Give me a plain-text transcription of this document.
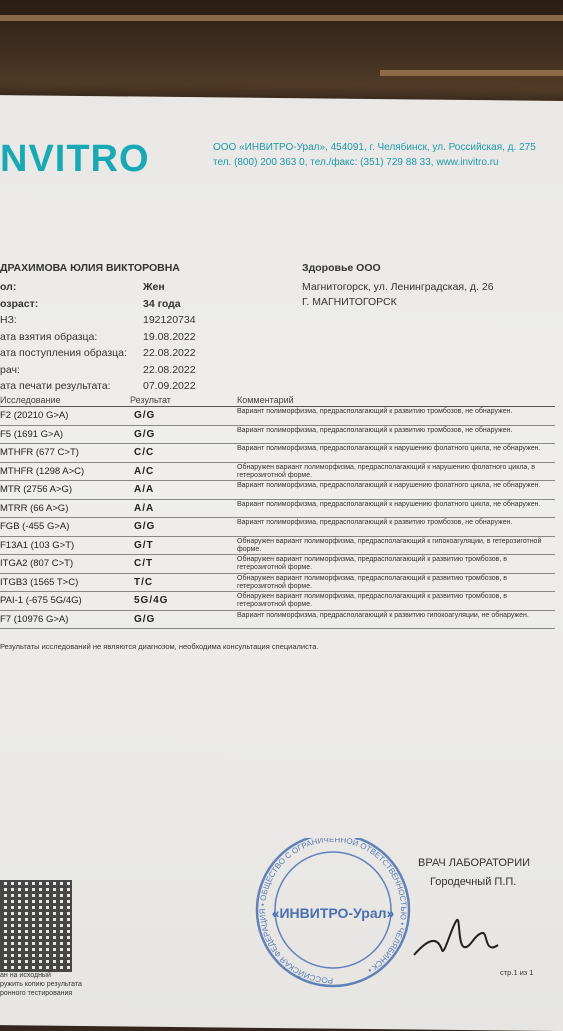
NVITRO	ООО «ИНВИТРО-Урал», 454091, г. Челябинск, ул. Российская, д. 275
тел. (800) 200 363 0, тел./факс: (351) 729 88 33, www.invitro.ru
ДРАХИМОВА ЮЛИЯ ВИКТОРОВНА
ол:	Жен
озраст:	34 года
НЗ:	192120734
ата взятия образца:	19.08.2022
ата поступления образца: 22.08.2022
рач:	22.08.2022
ата печати результата:	07.09.2022
Здоровье ООО
Магнитогорск, ул. Ленинградская, д. 26
Г. МАГНИТОГОРСК
Исследование	Результат	Комментарий
F2 (20210 G>A)	G/G	Вариант полиморфизма, предрасполагающий к развитию тромбозов, не обнаружен.
F5 (1691 G>A)	G/G	Вариант полиморфизма, предрасполагающий к развитию тромбозов, не обнаружен.
MTHFR (677 C>T)	C/C	Вариант полиморфизма, предрасполагающий к нарушению фолатного цикла, не обнаружен.
MTHFR (1298 A>C)	A/C	Обнаружен вариант полиморфизма, предрасполагающий к нарушению фолатного цикла, в гетерозиготной форме.
MTR (2756 A>G)	A/A	Вариант полиморфизма, предрасполагающий к нарушению фолатного цикла, не обнаружен.
MTRR (66 A>G)	A/A	Вариант полиморфизма, предрасполагающий к нарушению фолатного цикла, не обнаружен.
FGB (-455 G>A)	G/G	Вариант полиморфизма, предрасполагающий к развитию тромбозов, не обнаружен.
F13A1 (103 G>T)	G/T	Обнаружен вариант полиморфизма, предрасполагающий к гипокоагуляции, в гетерозиготной форме.
ITGA2 (807 C>T)	C/T	Обнаружен вариант полиморфизма, предрасполагающий к развитию тромбозов, в гетерозиготной форме.
ITGB3 (1565 T>C)	T/C	Обнаружен вариант полиморфизма, предрасполагающий к развитию тромбозов, в гетерозиготной форме.
PAI-1 (-675 5G/4G)	5G/4G	Обнаружен вариант полиморфизма, предрасполагающий к развитию тромбозов, в гетерозиготной форме.
F7 (10976 G>A)	G/G	Вариант полиморфизма, предрасполагающий к развитию гипокоагуляции, не обнаружен.
Результаты исследований не являются диагнозом, необходима консультация специалиста.
ВРАЧ ЛАБОРАТОРИИ
Городечный П.П.
РОССИЙСКАЯ ФЕДЕРАЦИЯ • ОБЩЕСТВО С ОГРАНИЧЕННОЙ ОТВЕТСТВЕННОСТЬЮ • ЧЕЛЯБИНСК •
«ИНВИТРО-Урал»
ан на исходный
ружить копию результата
ронного тестирования
стр.1 из 1
